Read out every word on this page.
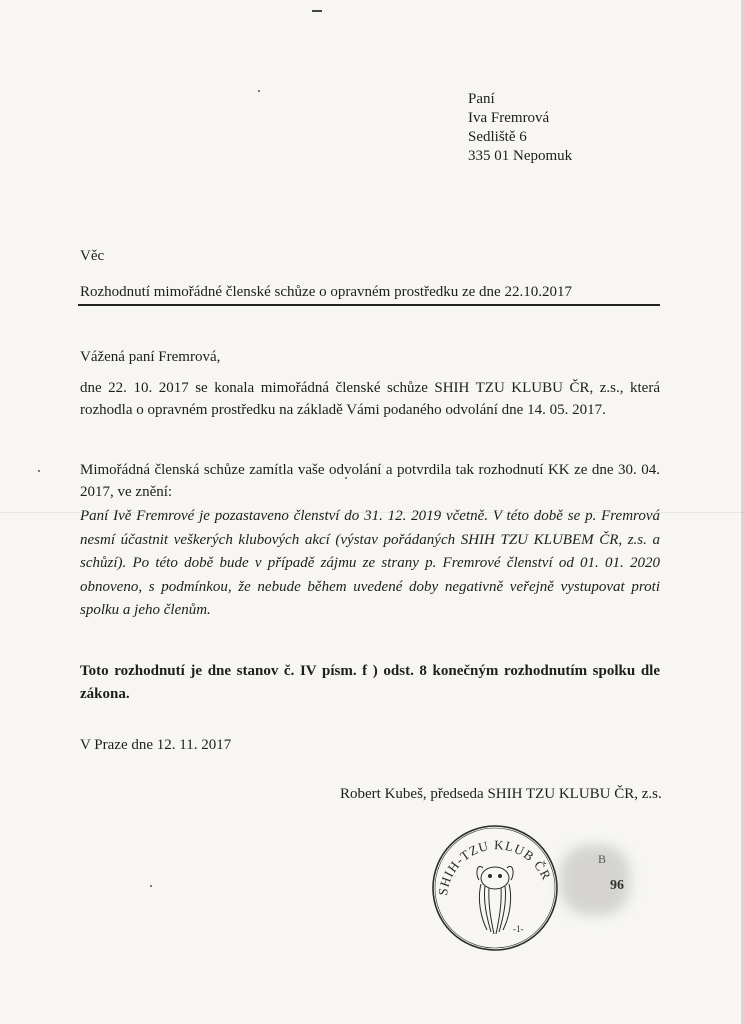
Paní
Iva Fremrová
Sedliště 6
335 01 Nepomuk
Věc
Rozhodnutí mimořádné členské schůze o opravném prostředku ze dne 22.10.2017
Vážená paní Fremrová,
dne 22. 10. 2017 se konala mimořádná členské schůze SHIH TZU KLUBU ČR, z.s., která rozhodla o opravném prostředku na základě Vámi podaného odvolání dne 14. 05. 2017.
Mimořádná členská schůze zamítla vaše odvolání a potvrdila tak rozhodnutí KK ze dne 30. 04. 2017, ve znění:
Paní Ivě Fremrové je pozastaveno členství do 31. 12. 2019 včetně. V této době se p. Fremrová nesmí účastnit veškerých klubových akcí (výstav pořádaných SHIH TZU KLUBEM ČR, z.s. a schůzí). Po této době bude v případě zájmu ze strany p. Fremrové členství od 01. 01. 2020 obnoveno, s podmínkou, že nebude během uvedené doby negativně veřejně vystupovat proti spolku a jeho členům.
Toto rozhodnutí je dne stanov č. IV písm. f ) odst. 8 konečným rozhodnutím spolku dle zákona.
V Praze dne 12. 11. 2017
Robert Kubeš, předseda SHIH TZU KLUBU ČR, z.s.
SHIH-TZU KLUB ČR
-1-
B
96
